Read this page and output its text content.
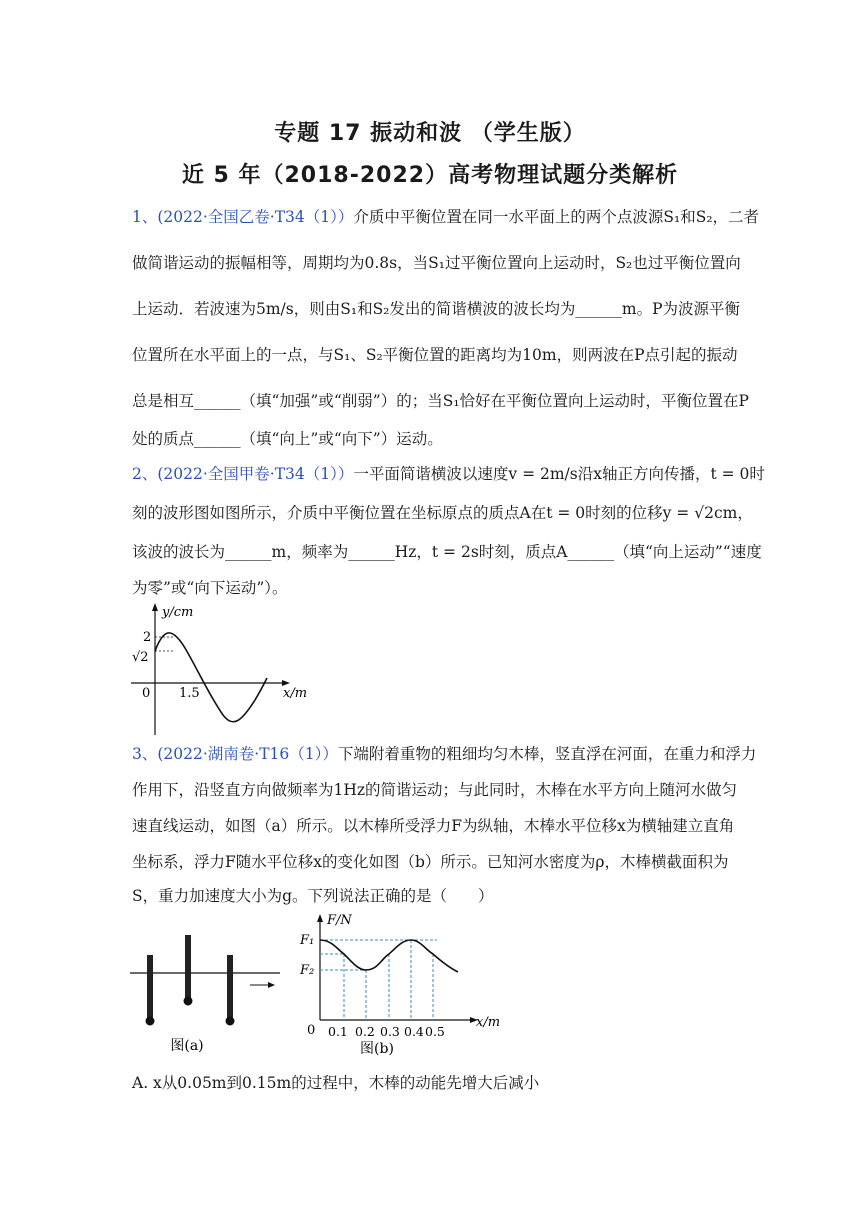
专题 17 振动和波 （学生版）
近 5 年（2018-2022）高考物理试题分类解析
1、(2022·全国乙卷·T34（1））介质中平衡位置在同一水平面上的两个点波源S₁和S₂，二者
做简谐运动的振幅相等，周期均为0.8s，当S₁过平衡位置向上运动时，S₂也过平衡位置向
上运动．若波速为5m/s，则由S₁和S₂发出的简谐横波的波长均为______m。P为波源平衡
位置所在水平面上的一点，与S₁、S₂平衡位置的距离均为10m，则两波在P点引起的振动
总是相互______（填“加强”或“削弱”）的；当S₁恰好在平衡位置向上运动时，平衡位置在P
处的质点______（填“向上”或“向下”）运动。
2、(2022·全国甲卷·T34（1））一平面简谐横波以速度v = 2m/s沿x轴正方向传播，t = 0时
刻的波形图如图所示，介质中平衡位置在坐标原点的质点A在t = 0时刻的位移y = √2cm，
该波的波长为______m，频率为______Hz，t = 2s时刻，质点A______（填“向上运动”“速度
为零”或“向下运动”）。
y/cm
x/m
0
2
√2
1.5
3、(2022·湖南卷·T16（1））下端附着重物的粗细均匀木棒，竖直浮在河面，在重力和浮力
作用下，沿竖直方向做频率为1Hz的简谐运动；与此同时，木棒在水平方向上随河水做匀
速直线运动，如图（a）所示。以木棒所受浮力F为纵轴，木棒水平位移x为横轴建立直角
坐标系，浮力F随水平位移x的变化如图（b）所示。已知河水密度为ρ，木棒横截面积为
S，重力加速度大小为g。下列说法正确的是（　　）
图(a)
F/N
x/m
F₁
F₂
0 0.1 0.2 0.3 0.4 0.5
图(b)
A. x从0.05m到0.15m的过程中，木棒的动能先增大后减小
